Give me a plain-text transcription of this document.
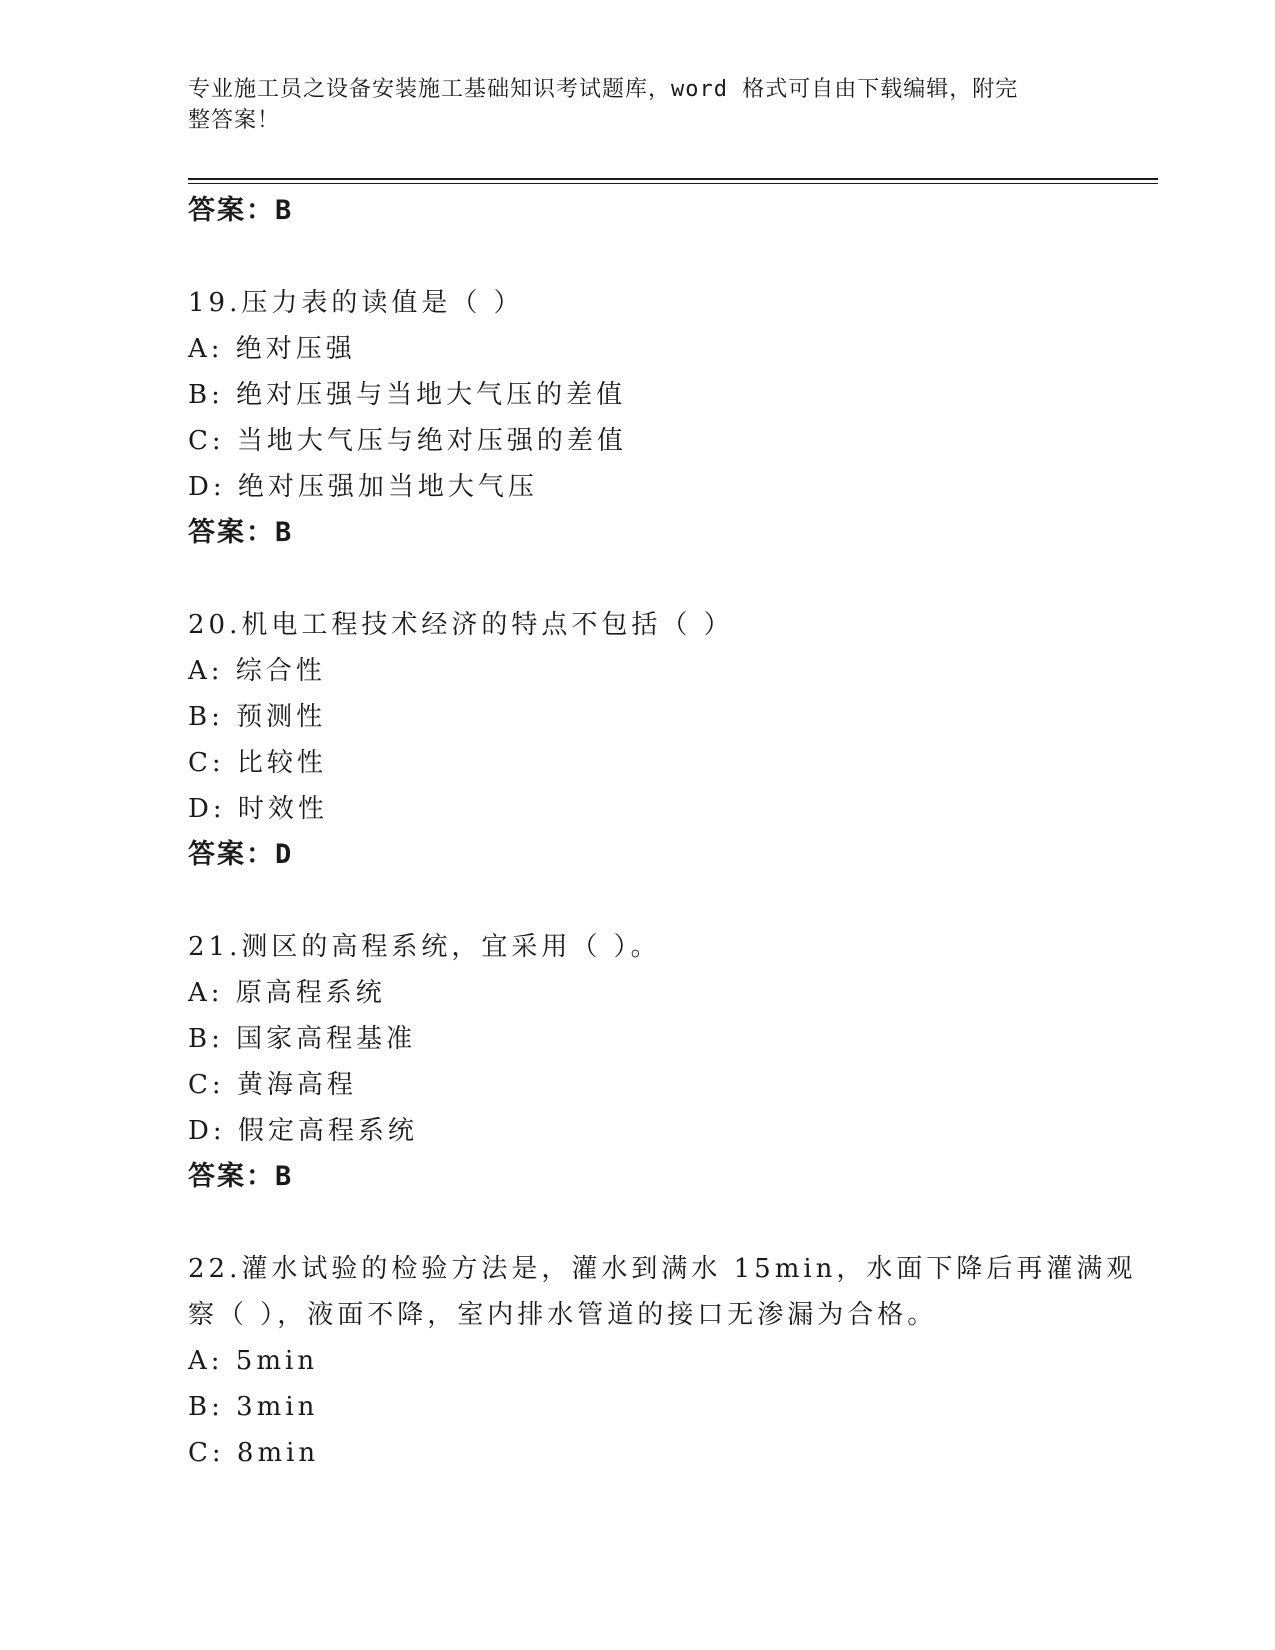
专业施工员之设备安装施工基础知识考试题库，word 格式可自由下载编辑，附完
整答案！
答案：B
19.压力表的读值是（ ）
A: 绝对压强
B: 绝对压强与当地大气压的差值
C: 当地大气压与绝对压强的差值
D: 绝对压强加当地大气压
答案：B
20.机电工程技术经济的特点不包括（ ）
A: 综合性
B: 预测性
C: 比较性
D: 时效性
答案：D
21.测区的高程系统，宜采用（ ）。
A: 原高程系统
B: 国家高程基准
C: 黄海高程
D: 假定高程系统
答案：B
22.灌水试验的检验方法是，灌水到满水 15min，水面下降后再灌满观
察（ ），液面不降，室内排水管道的接口无渗漏为合格。
A: 5min
B: 3min
C: 8min
